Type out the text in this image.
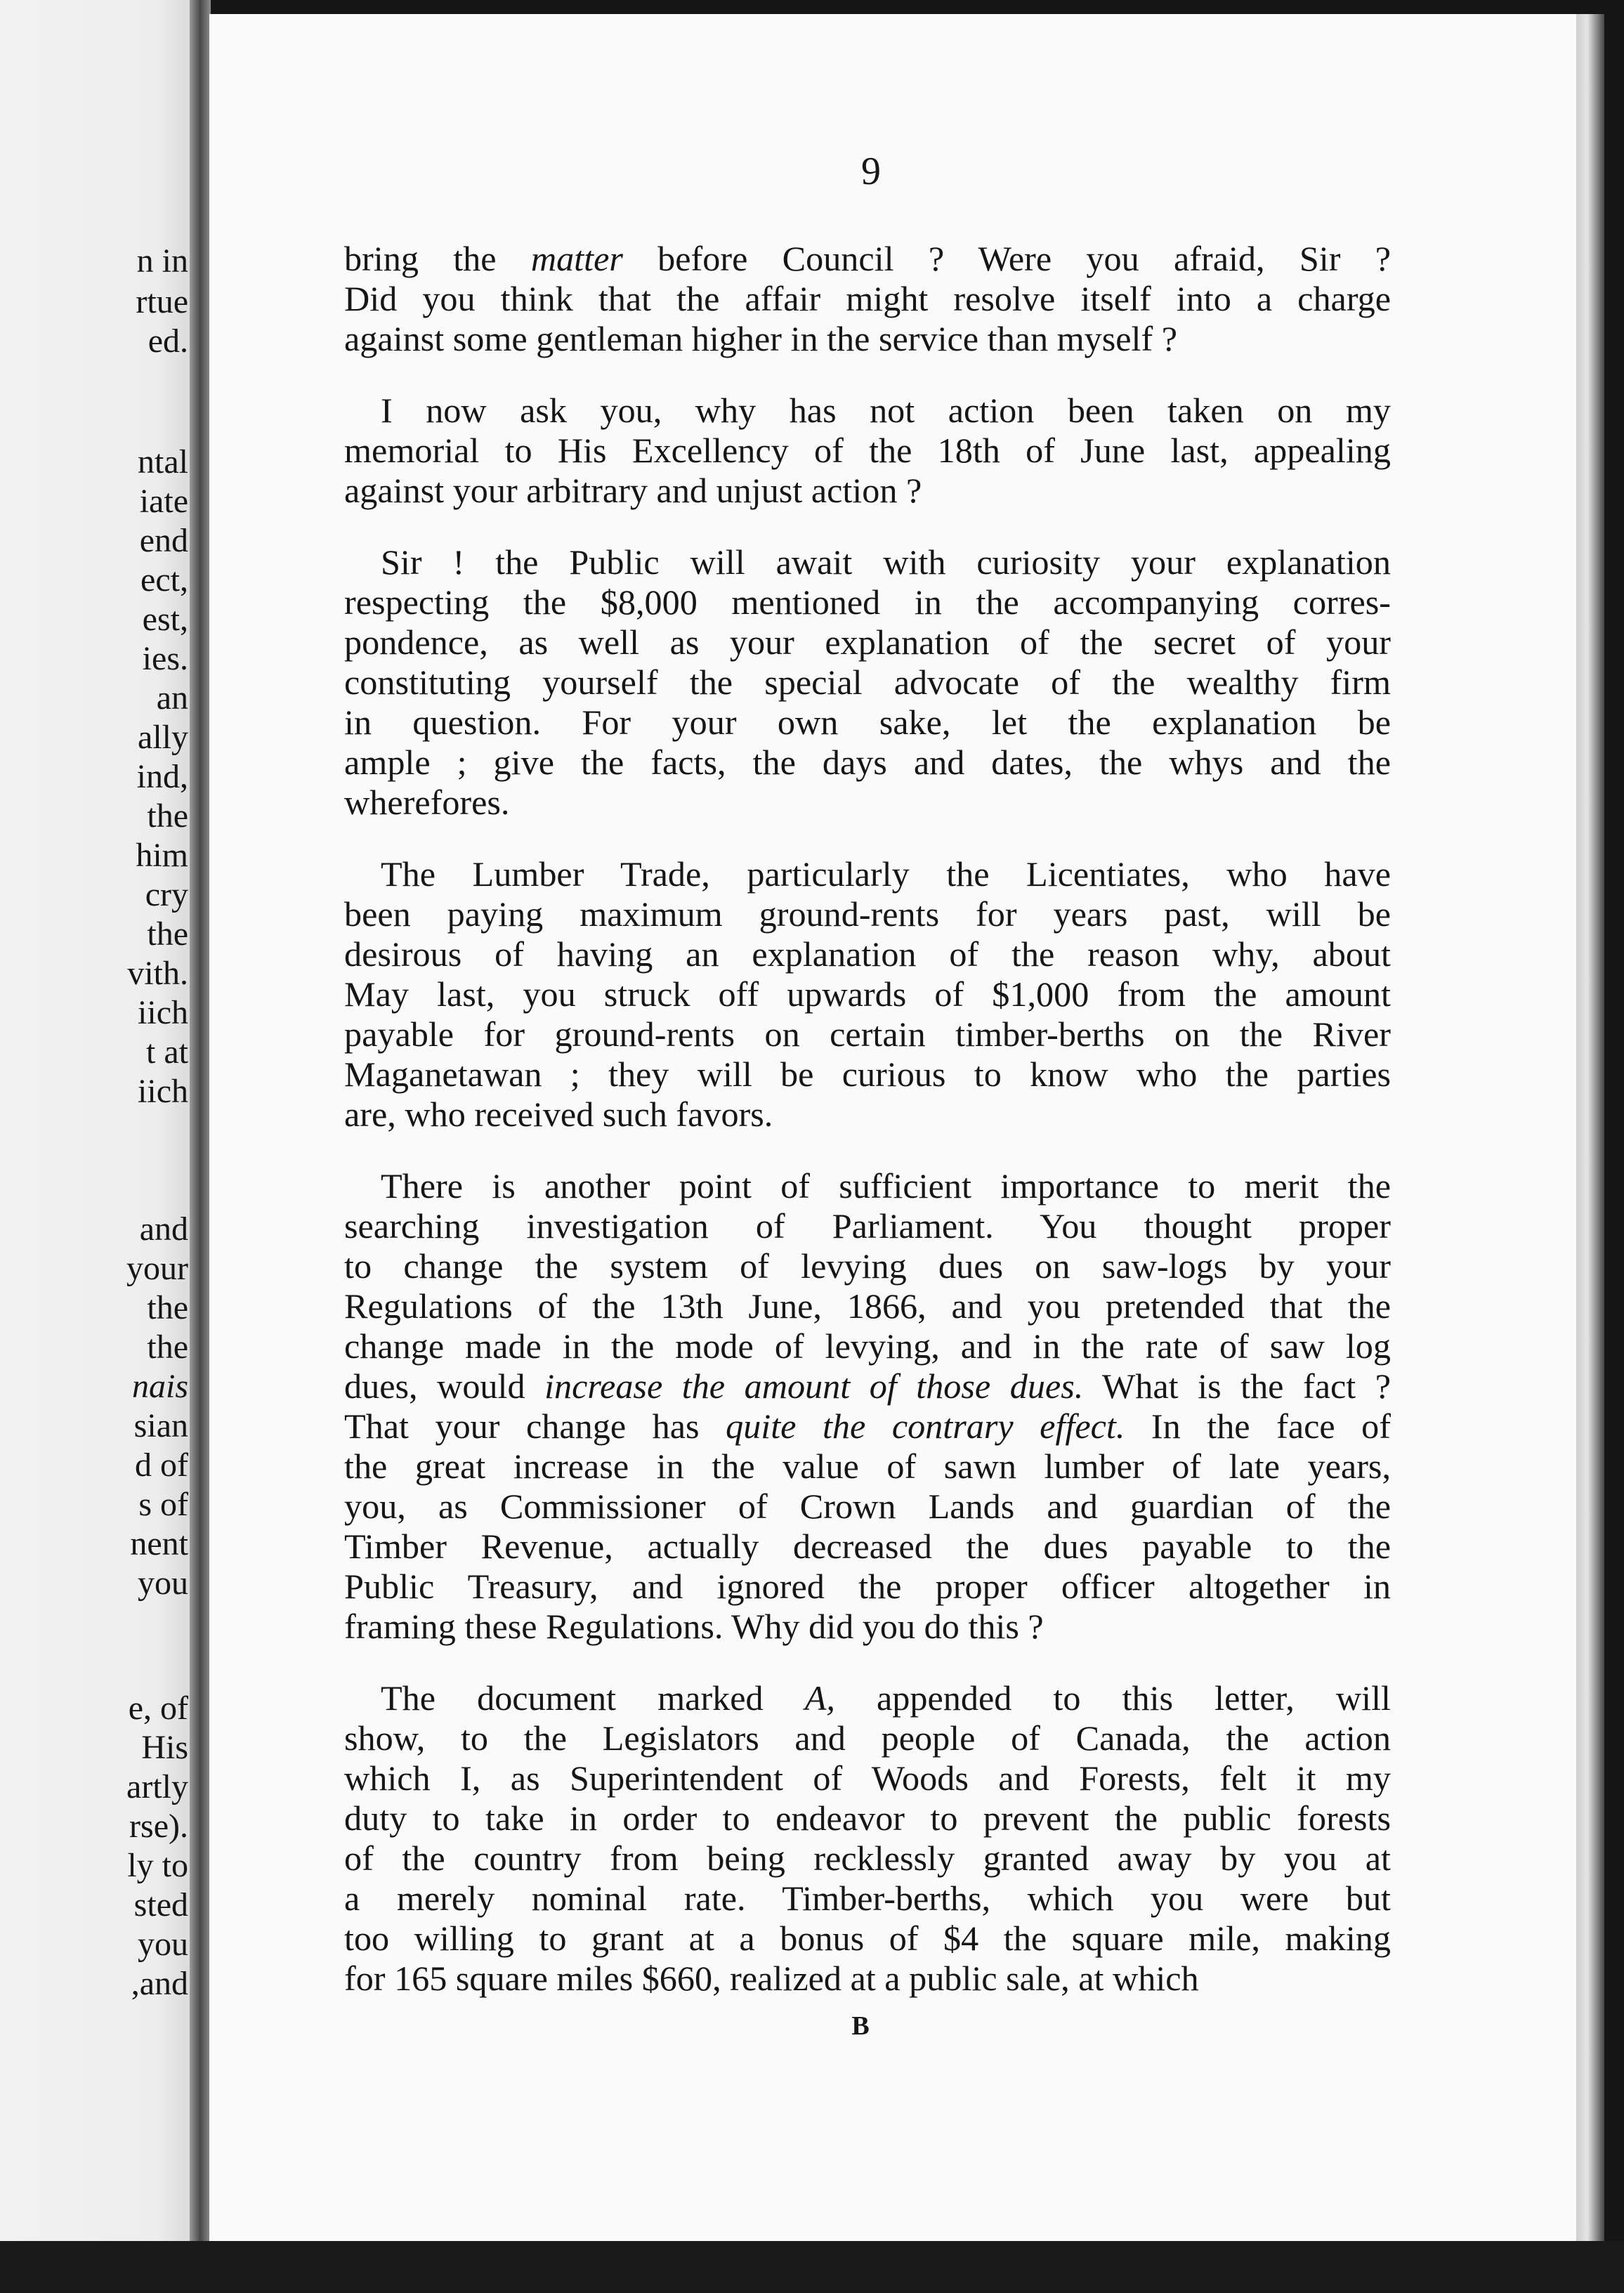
n in
rtue
ed.
ntal
iate
end
ect,
est,
ies.
an
ally
ind,
the
him
cry
the
vith.
iich
t at
iich
and
your
the
the
nais
sian
d of
s of
nent
you
e, of
His
artly
rse).
ly to
sted
you
,and
9

bring the matter before Council ? Were you afraid, Sir ?
Did you think that the affair might resolve itself into a charge
against some gentleman higher in the service than myself ?

I now ask you, why has not action been taken on my
memorial to His Excellency of the 18th of June last, appealing
against your arbitrary and unjust action ?

Sir ! the Public will await with curiosity your explanation
respecting the $8,000 mentioned in the accompanying corres-
pondence, as well as your explanation of the secret of your
constituting yourself the special advocate of the wealthy firm
in question. For your own sake, let the explanation be
ample ; give the facts, the days and dates, the whys and the
wherefores.

The Lumber Trade, particularly the Licentiates, who have
been paying maximum ground-rents for years past, will be
desirous of having an explanation of the reason why, about
May last, you struck off upwards of $1,000 from the amount
payable for ground-rents on certain timber-berths on the River
Maganetawan ; they will be curious to know who the parties
are, who received such favors.

There is another point of sufficient importance to merit the
searching investigation of Parliament. You thought proper
to change the system of levying dues on saw-logs by your
Regulations of the 13th June, 1866, and you pretended that the
change made in the mode of levying, and in the rate of saw log
dues, would increase the amount of those dues. What is the fact ?
That your change has quite the contrary effect. In the face of
the great increase in the value of sawn lumber of late years,
you, as Commissioner of Crown Lands and guardian of the
Timber Revenue, actually decreased the dues payable to the
Public Treasury, and ignored the proper officer altogether in
framing these Regulations. Why did you do this ?

The document marked A, appended to this letter, will
show, to the Legislators and people of Canada, the action
which I, as Superintendent of Woods and Forests, felt it my
duty to take in order to endeavor to prevent the public forests
of the country from being recklessly granted away by you at
a merely nominal rate. Timber-berths, which you were but
too willing to grant at a bonus of $4 the square mile, making
for 165 square miles $660, realized at a public sale, at which

B
